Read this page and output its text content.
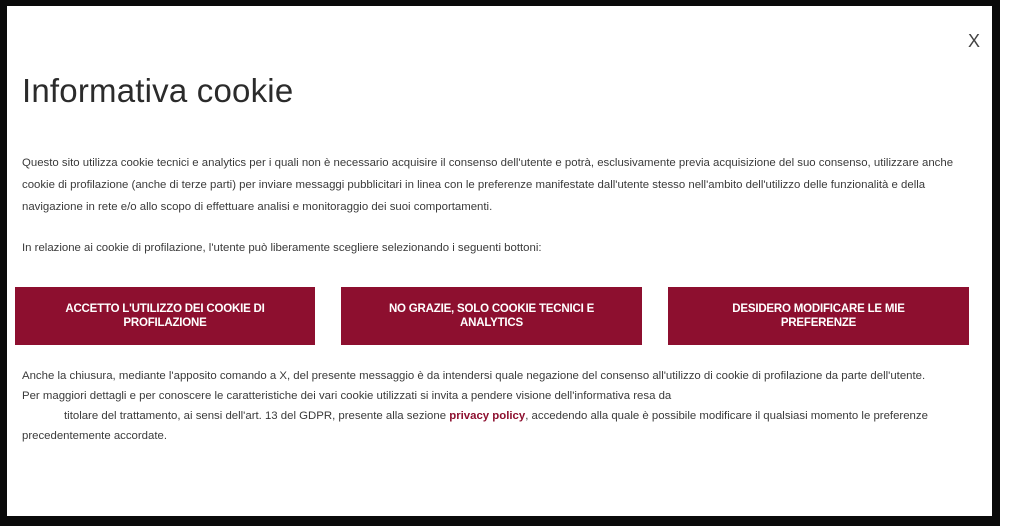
X
Informativa cookie

Questo sito utilizza cookie tecnici e analytics per i quali non è necessario acquisire il consenso dell'utente e potrà, esclusivamente previa acquisizione del suo consenso, utilizzare anche cookie di profilazione (anche di terze parti) per inviare messaggi pubblicitari in linea con le preferenze manifestate dall'utente stesso nell'ambito dell'utilizzo delle funzionalità e della navigazione in rete e/o allo scopo di effettuare analisi e monitoraggio dei suoi comportamenti.

In relazione ai cookie di profilazione, l'utente può liberamente scegliere selezionando i seguenti bottoni:

ACCETTO L'UTILIZZO DEI COOKIE DI PROFILAZIONE
NO GRAZIE, SOLO COOKIE TECNICI E ANALYTICS
DESIDERO MODIFICARE LE MIE PREFERENZE
Anche la chiusura, mediante l'apposito comando a X, del presente messaggio è da intendersi quale negazione del consenso all'utilizzo di cookie di profilazione da parte dell'utente.
Per maggiori dettagli e per conoscere le caratteristiche dei vari cookie utilizzati si invita a pendere visione dell'informativa resa da
titolare del trattamento, ai sensi dell'art. 13 del GDPR, presente alla sezione privacy policy, accedendo alla quale è possibile modificare il qualsiasi momento le preferenze precedentemente accordate.
